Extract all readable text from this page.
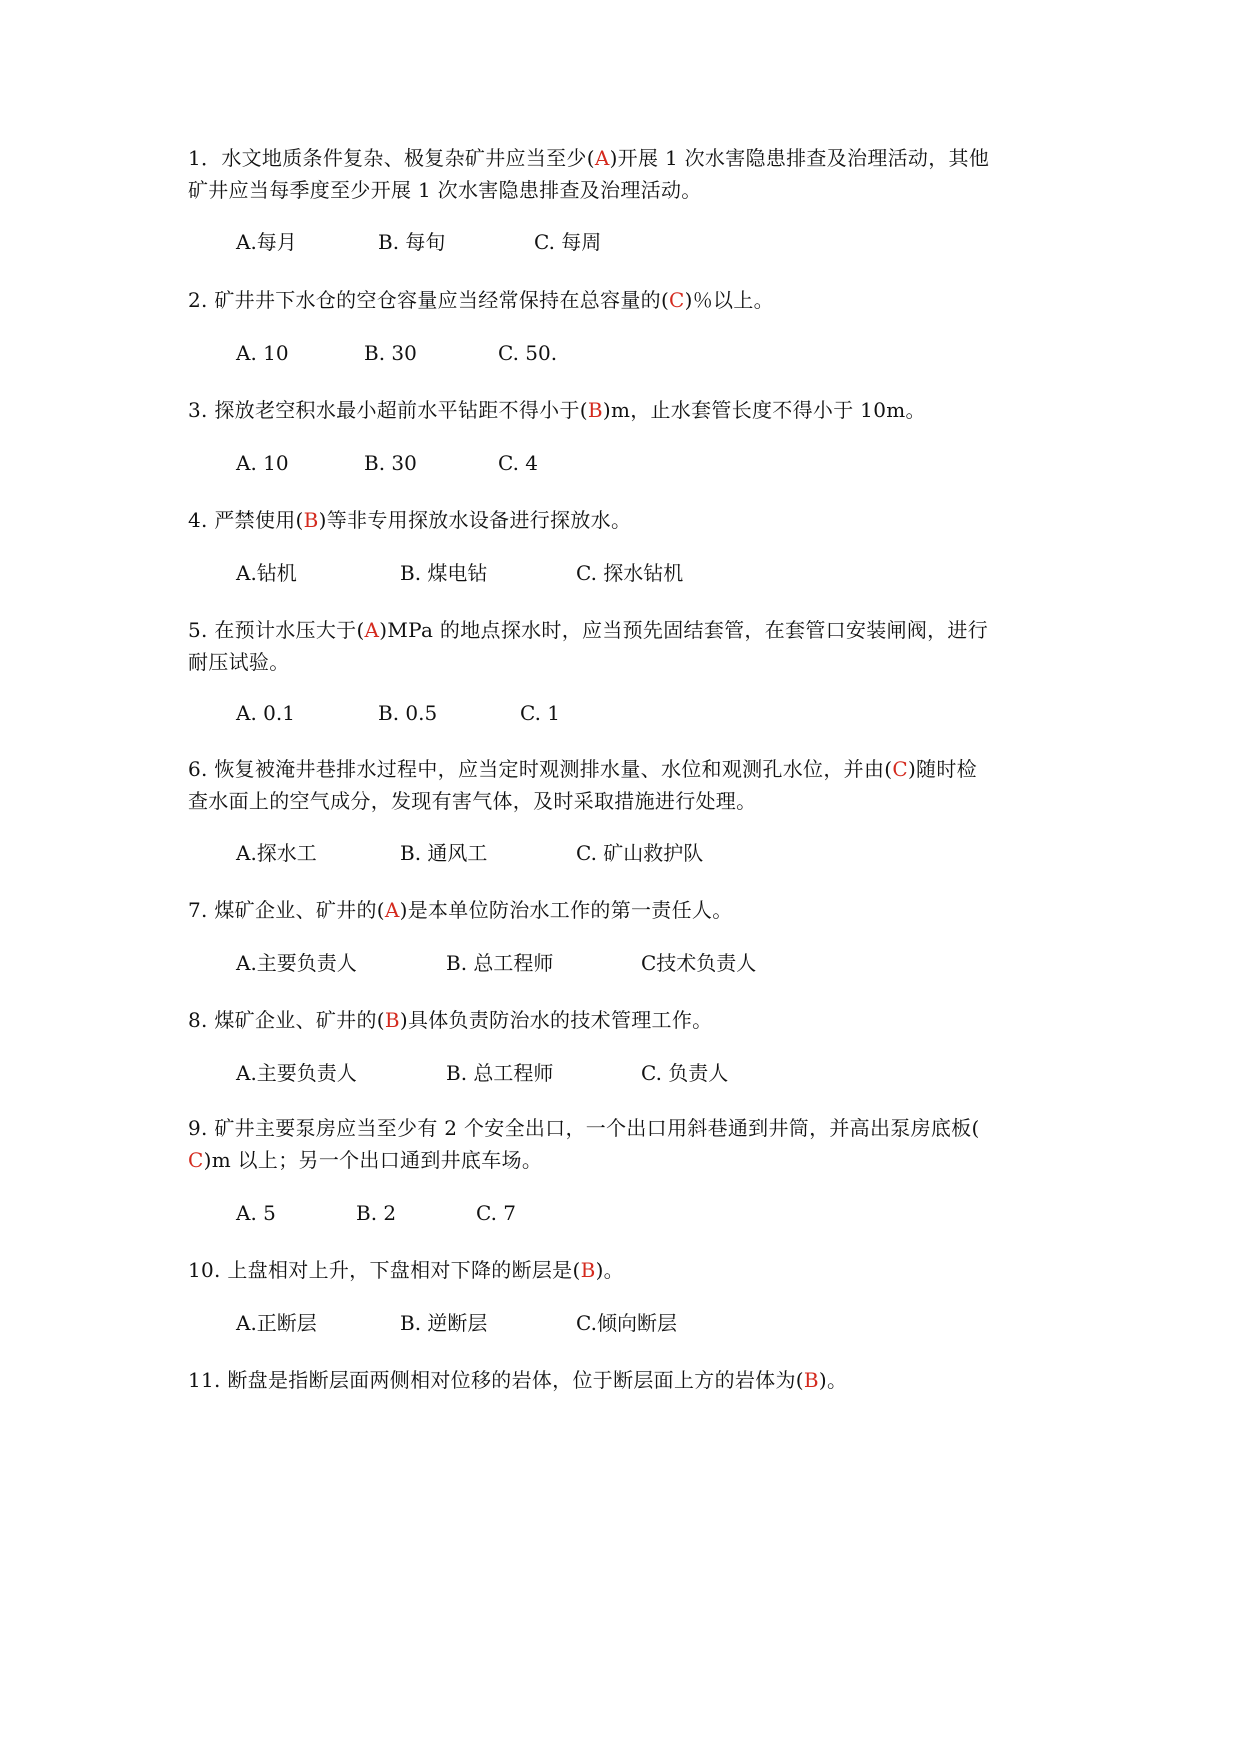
1．水文地质条件复杂、极复杂矿井应当至少(A)开展 1 次水害隐患排查及治理活动，其他
矿井应当每季度至少开展 1 次水害隐患排查及治理活动。
A.每月	B. 每旬	C. 每周
2. 矿井井下水仓的空仓容量应当经常保持在总容量的(C)％以上。
A. 10	B. 30	C. 50.
3. 探放老空积水最小超前水平钻距不得小于(B)m，止水套管长度不得小于 10m。
A. 10	B. 30	C. 4
4. 严禁使用(B)等非专用探放水设备进行探放水。
A.钻机	B. 煤电钻	C. 探水钻机
5. 在预计水压大于(A)MPa 的地点探水时，应当预先固结套管，在套管口安装闸阀，进行
耐压试验。
A. 0.1	B. 0.5	C. 1
6. 恢复被淹井巷排水过程中，应当定时观测排水量、水位和观测孔水位，并由(C)随时检
查水面上的空气成分，发现有害气体，及时采取措施进行处理。
A.探水工	B. 通风工	C. 矿山救护队
7. 煤矿企业、矿井的(A)是本单位防治水工作的第一责任人。
A.主要负责人	B. 总工程师	C技术负责人
8. 煤矿企业、矿井的(B)具体负责防治水的技术管理工作。
A.主要负责人	B. 总工程师	C. 负责人
9. 矿井主要泵房应当至少有 2 个安全出口，一个出口用斜巷通到井筒，并高出泵房底板(
C)m 以上；另一个出口通到井底车场。
A. 5	B. 2	C. 7
10. 上盘相对上升，下盘相对下降的断层是(B)。
A.正断层	B. 逆断层	C.倾向断层
11. 断盘是指断层面两侧相对位移的岩体，位于断层面上方的岩体为(B)。
